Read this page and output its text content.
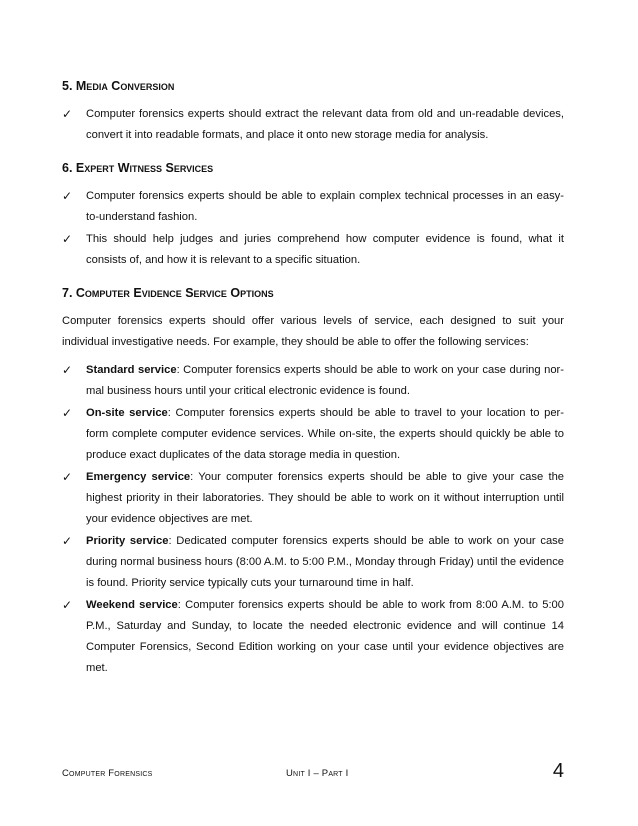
5. Media Conversion
✓ Computer forensics experts should extract the relevant data from old and un-readable devices, convert it into readable formats, and place it onto new storage media for analysis.
6. Expert Witness Services
✓ Computer forensics experts should be able to explain complex technical processes in an easy-to-understand fashion.
✓ This should help judges and juries comprehend how computer evidence is found, what it consists of, and how it is relevant to a specific situation.
7. Computer Evidence Service Options

Computer forensics experts should offer various levels of service, each designed to suit your individual investigative needs. For example, they should be able to offer the following services:

✓ Standard service: Computer forensics experts should be able to work on your case during nor-mal business hours until your critical electronic evidence is found.
✓ On-site service: Computer forensics experts should be able to travel to your location to per-form complete computer evidence services. While on-site, the experts should quickly be able to produce exact duplicates of the data storage media in question.
✓ Emergency service: Your computer forensics experts should be able to give your case the highest priority in their laboratories. They should be able to work on it without interruption until your evidence objectives are met.
✓ Priority service: Dedicated computer forensics experts should be able to work on your case during normal business hours (8:00 A.M. to 5:00 P.M., Monday through Friday) until the evidence is found. Priority service typically cuts your turnaround time in half.
✓ Weekend service: Computer forensics experts should be able to work from 8:00 A.M. to 5:00 P.M., Saturday and Sunday, to locate the needed electronic evidence and will continue 14 Computer Forensics, Second Edition working on your case until your evidence objectives are met.
Computer Forensics	Unit I – Part I	4
